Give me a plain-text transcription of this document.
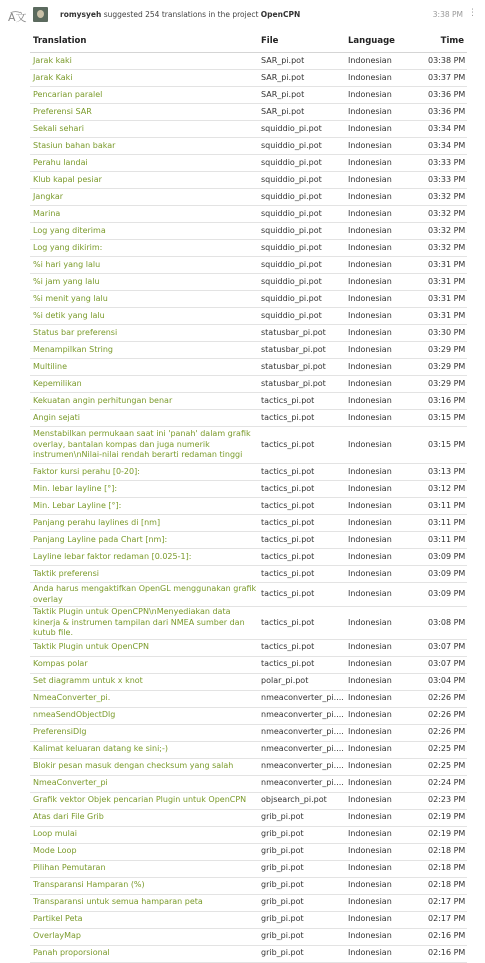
A͡文	romysyeh suggested 254 translations in the project OpenCPN	3:38 PM ⋮
Translation	File	Language	Time
Jarak kaki	SAR_pi.pot	Indonesian	03:38 PM
Jarak Kaki	SAR_pi.pot	Indonesian	03:37 PM
Pencarian paralel	SAR_pi.pot	Indonesian	03:36 PM
Preferensi SAR	SAR_pi.pot	Indonesian	03:36 PM
Sekali sehari	squiddio_pi.pot	Indonesian	03:34 PM
Stasiun bahan bakar	squiddio_pi.pot	Indonesian	03:34 PM
Perahu landai	squiddio_pi.pot	Indonesian	03:33 PM
Klub kapal pesiar	squiddio_pi.pot	Indonesian	03:33 PM
Jangkar	squiddio_pi.pot	Indonesian	03:32 PM
Marina	squiddio_pi.pot	Indonesian	03:32 PM
Log yang diterima	squiddio_pi.pot	Indonesian	03:32 PM
Log yang dikirim:	squiddio_pi.pot	Indonesian	03:32 PM
%i hari yang lalu	squiddio_pi.pot	Indonesian	03:31 PM
%i jam yang lalu	squiddio_pi.pot	Indonesian	03:31 PM
%i menit yang lalu	squiddio_pi.pot	Indonesian	03:31 PM
%i detik yang lalu	squiddio_pi.pot	Indonesian	03:31 PM
Status bar preferensi	statusbar_pi.pot	Indonesian	03:30 PM
Menampilkan String	statusbar_pi.pot	Indonesian	03:29 PM
Multiline	statusbar_pi.pot	Indonesian	03:29 PM
Kepemilikan	statusbar_pi.pot	Indonesian	03:29 PM
Kekuatan angin perhitungan benar	tactics_pi.pot	Indonesian	03:16 PM
Angin sejati	tactics_pi.pot	Indonesian	03:15 PM
Menstabilkan permukaan saat ini 'panah' dalam grafik overlay, bantalan kompas dan juga numerik instrumen\nNilai-nilai rendah berarti redaman tinggi	tactics_pi.pot	Indonesian	03:15 PM
Faktor kursi perahu [0-20]:	tactics_pi.pot	Indonesian	03:13 PM
Min. lebar layline [°]:	tactics_pi.pot	Indonesian	03:12 PM
Min. Lebar Layline [°]:	tactics_pi.pot	Indonesian	03:11 PM
Panjang perahu laylines di [nm]	tactics_pi.pot	Indonesian	03:11 PM
Panjang Layline pada Chart [nm]:	tactics_pi.pot	Indonesian	03:11 PM
Layline lebar faktor redaman [0.025-1]:	tactics_pi.pot	Indonesian	03:09 PM
Taktik preferensi	tactics_pi.pot	Indonesian	03:09 PM
Anda harus mengaktifkan OpenGL menggunakan grafik overlay	tactics_pi.pot	Indonesian	03:09 PM
Taktik Plugin untuk OpenCPN\nMenyediakan data kinerja & instrumen tampilan dari NMEA sumber dan kutub file.	tactics_pi.pot	Indonesian	03:08 PM
Taktik Plugin untuk OpenCPN	tactics_pi.pot	Indonesian	03:07 PM
Kompas polar	tactics_pi.pot	Indonesian	03:07 PM
Set diagramm untuk x knot	polar_pi.pot	Indonesian	03:04 PM
NmeaConverter_pi.	nmeaconverter_pi....	Indonesian	02:26 PM
nmeaSendObjectDlg	nmeaconverter_pi....	Indonesian	02:26 PM
PreferensiDlg	nmeaconverter_pi....	Indonesian	02:26 PM
Kalimat keluaran datang ke sini;-)	nmeaconverter_pi....	Indonesian	02:25 PM
Blokir pesan masuk dengan checksum yang salah	nmeaconverter_pi....	Indonesian	02:25 PM
NmeaConverter_pi	nmeaconverter_pi....	Indonesian	02:24 PM
Grafik vektor Objek pencarian Plugin untuk OpenCPN	objsearch_pi.pot	Indonesian	02:23 PM
Atas dari File Grib	grib_pi.pot	Indonesian	02:19 PM
Loop mulai	grib_pi.pot	Indonesian	02:19 PM
Mode Loop	grib_pi.pot	Indonesian	02:18 PM
Pilihan Pemutaran	grib_pi.pot	Indonesian	02:18 PM
Transparansi Hamparan (%)	grib_pi.pot	Indonesian	02:18 PM
Transparansi untuk semua hamparan peta	grib_pi.pot	Indonesian	02:17 PM
Partikel Peta	grib_pi.pot	Indonesian	02:17 PM
OverlayMap	grib_pi.pot	Indonesian	02:16 PM
Panah proporsional	grib_pi.pot	Indonesian	02:16 PM
